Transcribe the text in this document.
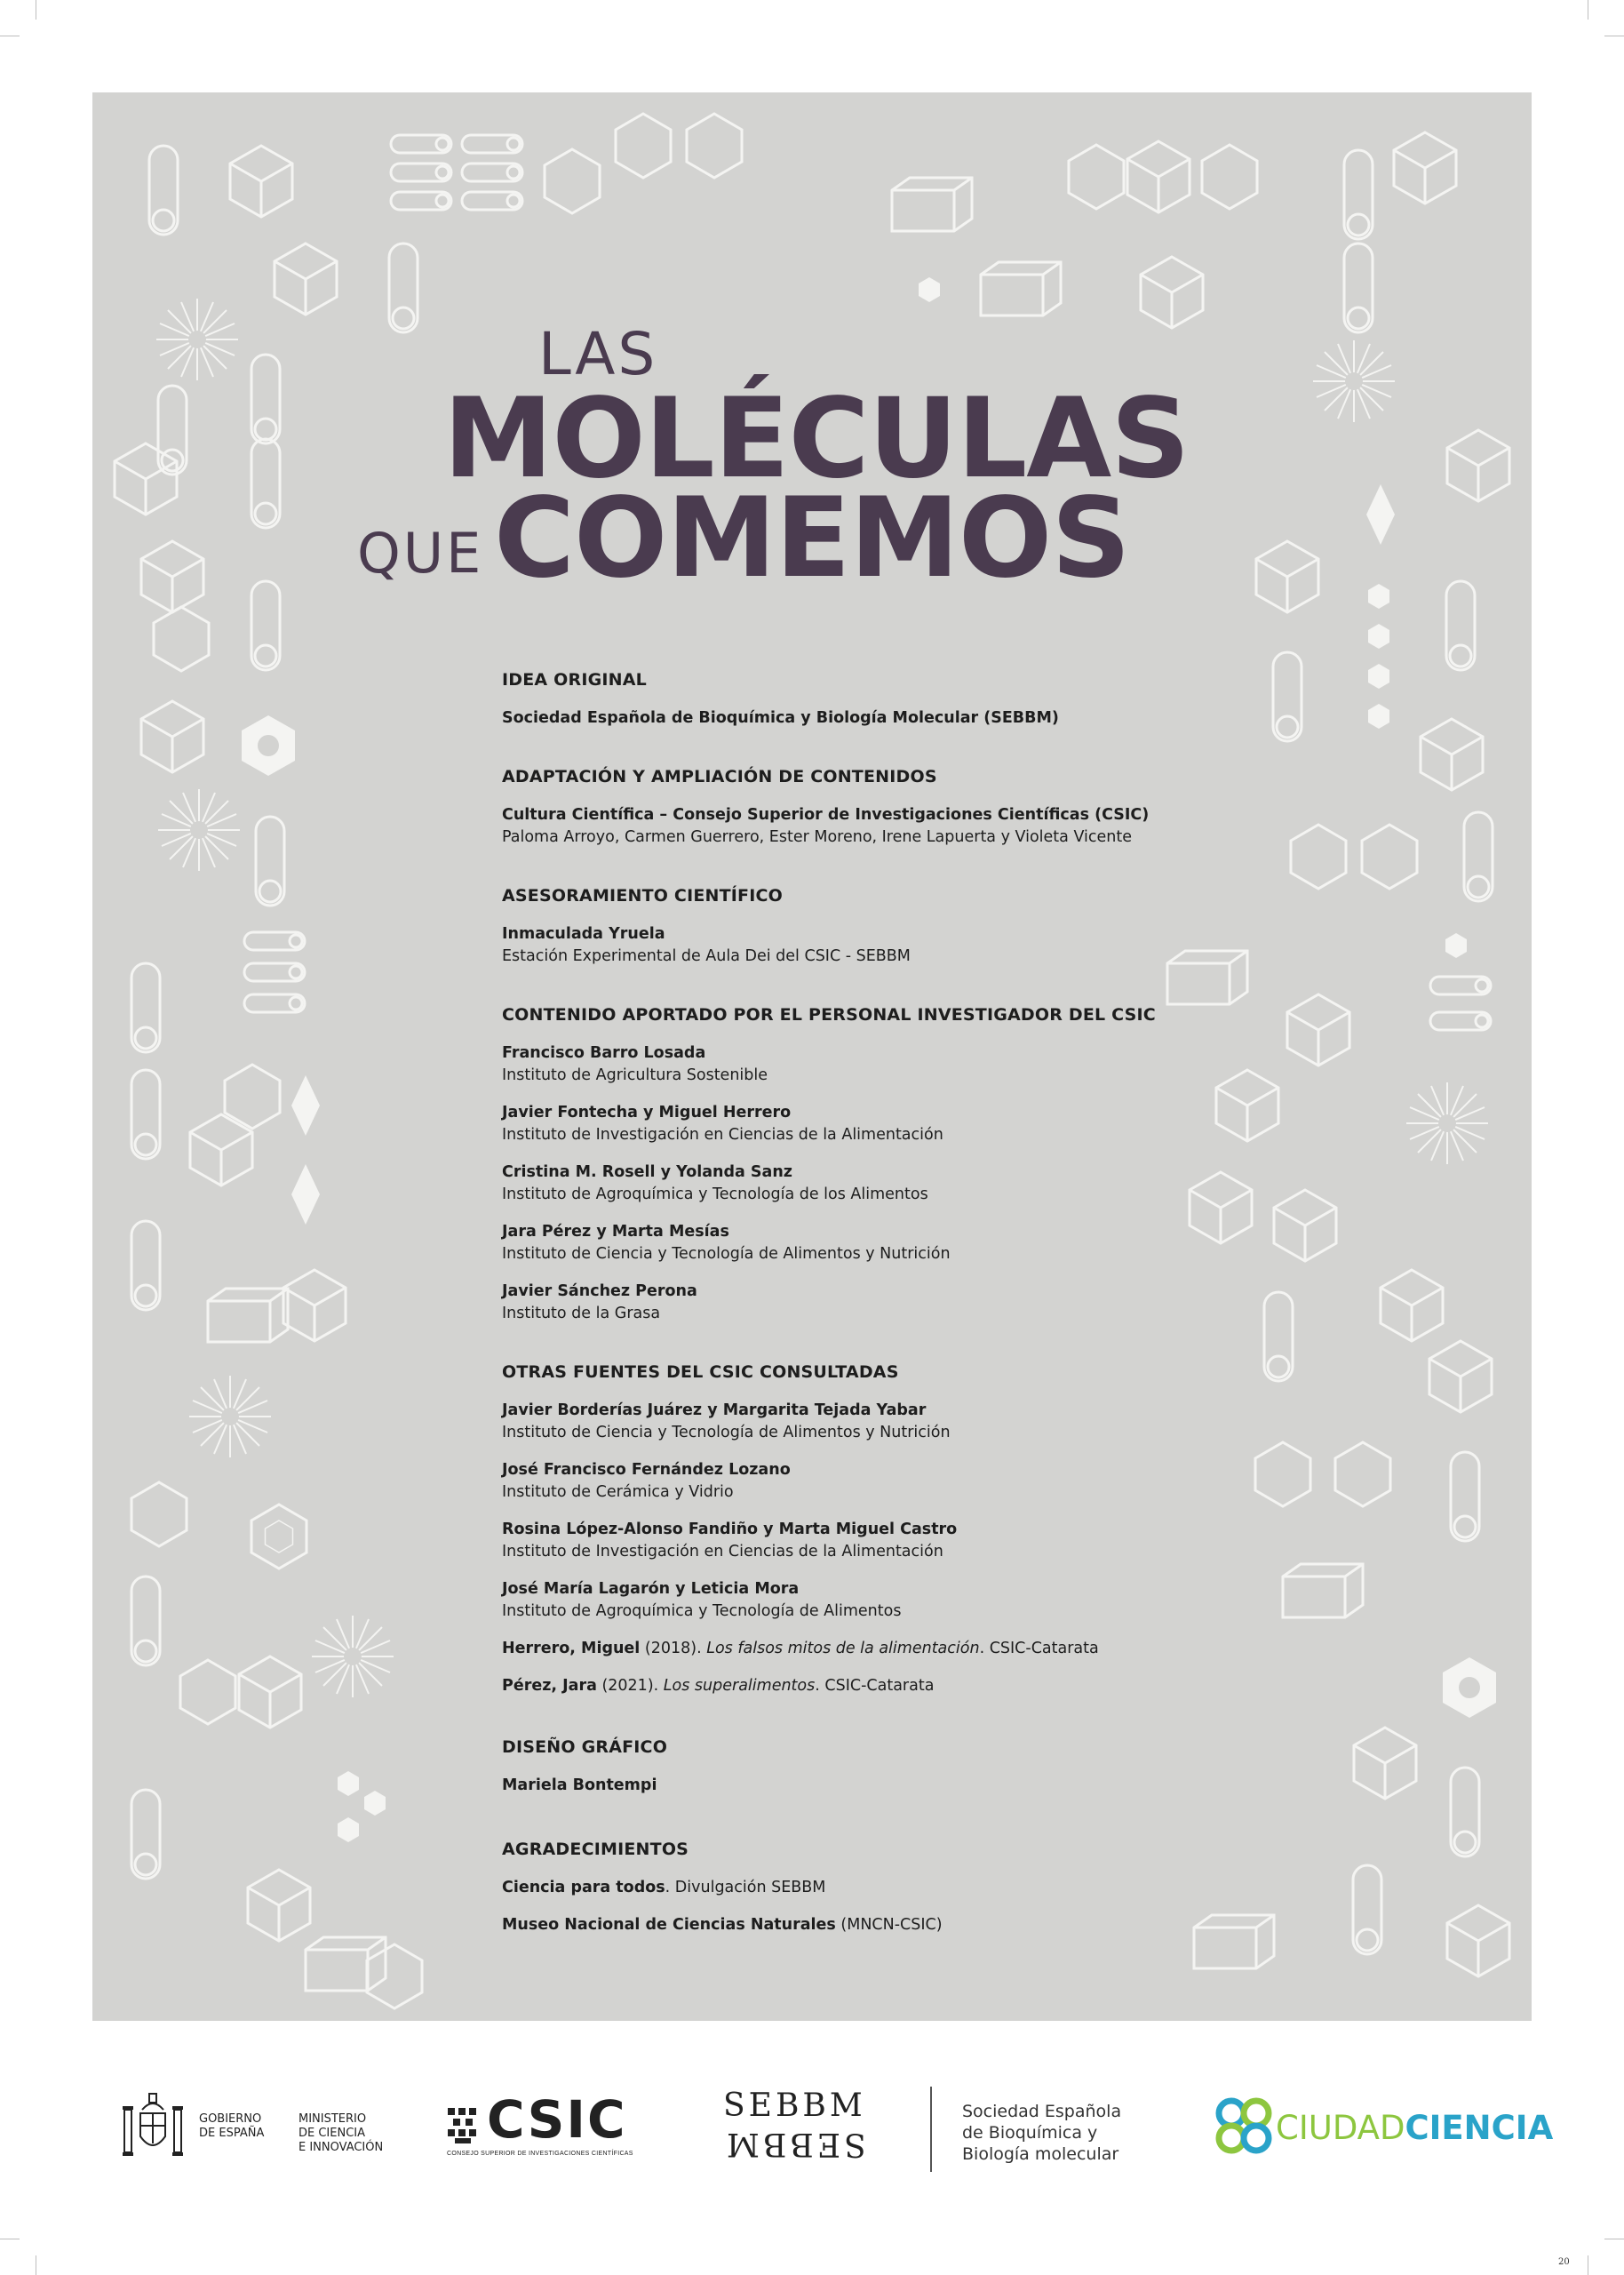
LAS
MOLÉCULAS
QUE COMEMOS
IDEA ORIGINAL
Sociedad Española de Bioquímica y Biología Molecular (SEBBM)
ADAPTACIÓN Y AMPLIACIÓN DE CONTENIDOS
Cultura Científica – Consejo Superior de Investigaciones Científicas (CSIC)
Paloma Arroyo, Carmen Guerrero, Ester Moreno, Irene Lapuerta y Violeta Vicente
ASESORAMIENTO CIENTÍFICO
Inmaculada Yruela
Estación Experimental de Aula Dei del CSIC - SEBBM
CONTENIDO APORTADO POR EL PERSONAL INVESTIGADOR DEL CSIC
Francisco Barro Losada
Instituto de Agricultura Sostenible
Javier Fontecha y Miguel Herrero
Instituto de Investigación en Ciencias de la Alimentación
Cristina M. Rosell y Yolanda Sanz
Instituto de Agroquímica y Tecnología de los Alimentos
Jara Pérez y Marta Mesías
Instituto de Ciencia y Tecnología de Alimentos y Nutrición
Javier Sánchez Perona
Instituto de la Grasa
OTRAS FUENTES DEL CSIC CONSULTADAS
Javier Borderías Juárez y Margarita Tejada Yabar
Instituto de Ciencia y Tecnología de Alimentos y Nutrición
José Francisco Fernández Lozano
Instituto de Cerámica y Vidrio
Rosina López-Alonso Fandiño y Marta Miguel Castro
Instituto de Investigación en Ciencias de la Alimentación
José María Lagarón y Leticia Mora
Instituto de Agroquímica y Tecnología de Alimentos
Herrero, Miguel (2018). Los falsos mitos de la alimentación. CSIC-Catarata
Pérez, Jara (2021). Los superalimentos. CSIC-Catarata
DISEÑO GRÁFICO
Mariela Bontempi
AGRADECIMIENTOS
Ciencia para todos. Divulgación SEBBM
Museo Nacional de Ciencias Naturales (MNCN-CSIC)
GOBIERNO
DE ESPAÑA
MINISTERIO
DE CIENCIA
E INNOVACIÓN CSIC
CONSEJO SUPERIOR DE INVESTIGACIONES CIENTÍFICAS
SEBBM
SEBBM
Sociedad Española
de Bioquímica y
Biología molecular
CIUDADCIENCIA
20
